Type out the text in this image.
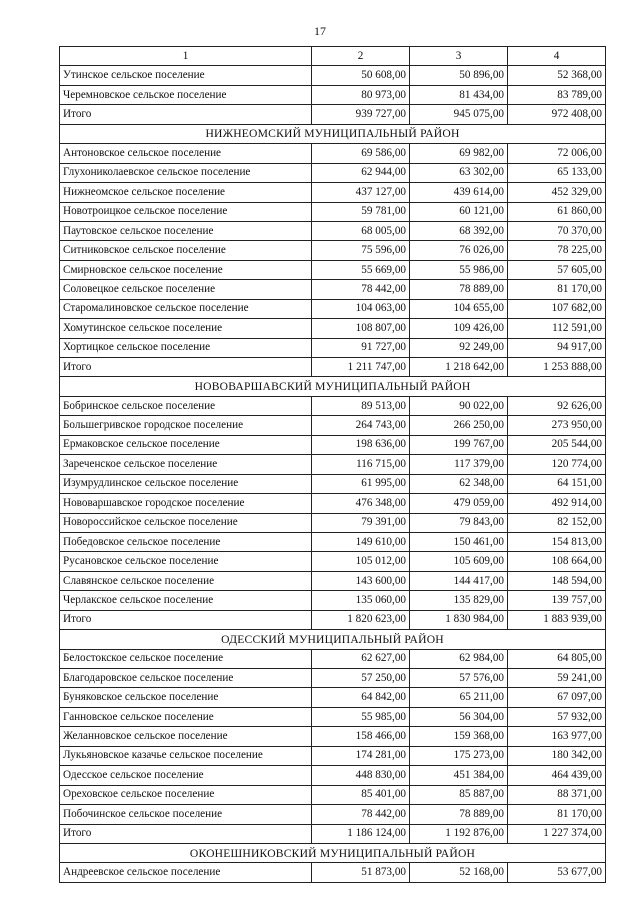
17
1	2	3	4
Утинское сельское поселение	50 608,00	50 896,00	52 368,00
Черемновское сельское поселение	80 973,00	81 434,00	83 789,00
Итого	939 727,00	945 075,00	972 408,00
НИЖНЕОМСКИЙ МУНИЦИПАЛЬНЫЙ РАЙОН			
Антоновское сельское поселение	69 586,00	69 982,00	72 006,00
Глухониколаевское сельское поселение	62 944,00	63 302,00	65 133,00
Нижнеомское сельское поселение	437 127,00	439 614,00	452 329,00
Новотроицкое сельское поселение	59 781,00	60 121,00	61 860,00
Паутовское сельское поселение	68 005,00	68 392,00	70 370,00
Ситниковское сельское поселение	75 596,00	76 026,00	78 225,00
Смирновское сельское поселение	55 669,00	55 986,00	57 605,00
Соловецкое сельское поселение	78 442,00	78 889,00	81 170,00
Старомалиновское сельское поселение	104 063,00	104 655,00	107 682,00
Хомутинское сельское поселение	108 807,00	109 426,00	112 591,00
Хортицкое сельское поселение	91 727,00	92 249,00	94 917,00
Итого	1 211 747,00	1 218 642,00	1 253 888,00
НОВОВАРШАВСКИЙ МУНИЦИПАЛЬНЫЙ РАЙОН			
Бобринское сельское поселение	89 513,00	90 022,00	92 626,00
Большегривское городское поселение	264 743,00	266 250,00	273 950,00
Ермаковское сельское поселение	198 636,00	199 767,00	205 544,00
Зареченское сельское поселение	116 715,00	117 379,00	120 774,00
Изумрудлинское сельское поселение	61 995,00	62 348,00	64 151,00
Нововаршавское городское поселение	476 348,00	479 059,00	492 914,00
Новороссийское сельское поселение	79 391,00	79 843,00	82 152,00
Победовское сельское поселение	149 610,00	150 461,00	154 813,00
Русановское сельское поселение	105 012,00	105 609,00	108 664,00
Славянское сельское поселение	143 600,00	144 417,00	148 594,00
Черлакское сельское поселение	135 060,00	135 829,00	139 757,00
Итого	1 820 623,00	1 830 984,00	1 883 939,00
ОДЕССКИЙ МУНИЦИПАЛЬНЫЙ РАЙОН			
Белостокское сельское поселение	62 627,00	62 984,00	64 805,00
Благодаровское сельское поселение	57 250,00	57 576,00	59 241,00
Буняковское сельское поселение	64 842,00	65 211,00	67 097,00
Ганновское сельское поселение	55 985,00	56 304,00	57 932,00
Желанновское сельское поселение	158 466,00	159 368,00	163 977,00
Лукьяновское казачье сельское поселение	174 281,00	175 273,00	180 342,00
Одесское сельское поселение	448 830,00	451 384,00	464 439,00
Ореховское сельское поселение	85 401,00	85 887,00	88 371,00
Побочинское сельское поселение	78 442,00	78 889,00	81 170,00
Итого	1 186 124,00	1 192 876,00	1 227 374,00
ОКОНЕШНИКОВСКИЙ МУНИЦИПАЛЬНЫЙ РАЙОН			
Андреевское сельское поселение	51 873,00	52 168,00	53 677,00
